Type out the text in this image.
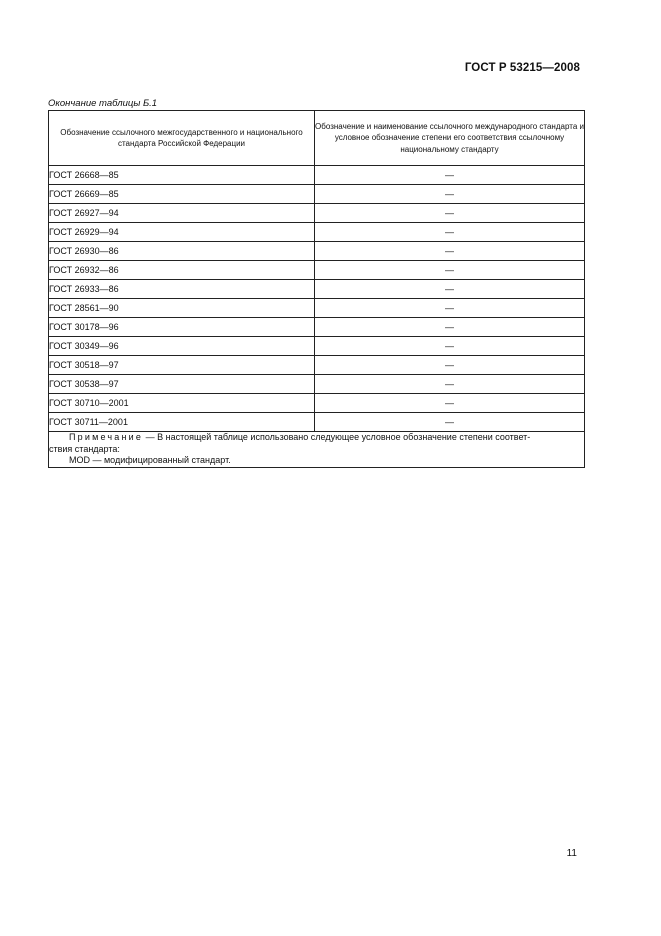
ГОСТ Р 53215—2008
Окончание таблицы Б.1
Обозначение ссылочного межгосударственного и национального стандарта Российской Федерации	Обозначение и наименование ссылочного международного стандарта и условное обозначение степени его соответствия ссылочному национальному стандарту
ГОСТ 26668—85	—
ГОСТ 26669—85	—
ГОСТ 26927—94	—
ГОСТ 26929—94	—
ГОСТ 26930—86	—
ГОСТ 26932—86	—
ГОСТ 26933—86	—
ГОСТ 28561—90	—
ГОСТ 30178—96	—
ГОСТ 30349—96	—
ГОСТ 30518—97	—
ГОСТ 30538—97	—
ГОСТ 30710—2001	—
ГОСТ 30711—2001	—

Примечание — В настоящей таблице использовано следующее условное обозначение степени соответ-
ствия стандарта:
MOD — модифицированный стандарт.	
11
